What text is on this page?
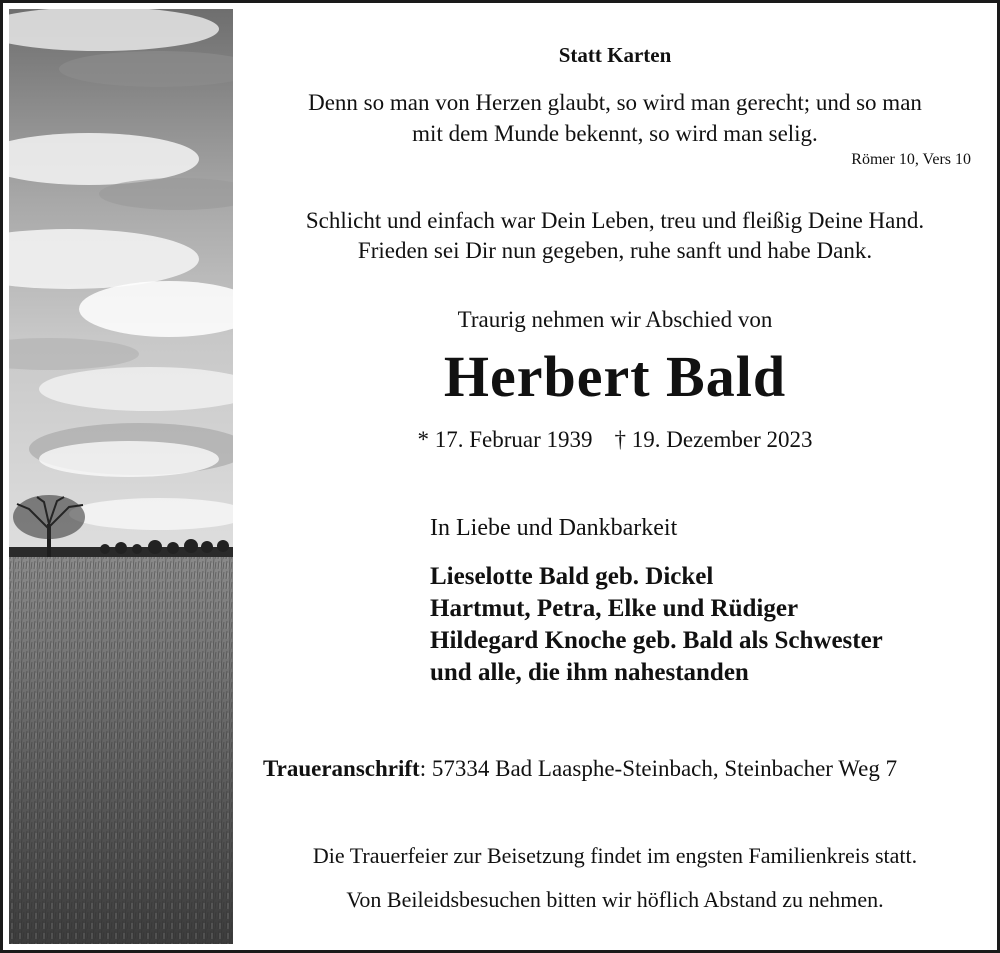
Statt Karten
Denn so man von Herzen glaubt, so wird man gerecht; und so man
mit dem Munde bekennt, so wird man selig.
Römer 10, Vers 10
Schlicht und einfach war Dein Leben, treu und fleißig Deine Hand.
Frieden sei Dir nun gegeben, ruhe sanft und habe Dank.
Traurig nehmen wir Abschied von
Herbert Bald
* 17. Februar 1939 † 19. Dezember 2023
In Liebe und Dankbarkeit
Lieselotte Bald geb. Dickel
Hartmut, Petra, Elke und Rüdiger
Hildegard Knoche geb. Bald als Schwester
und alle, die ihm nahestanden
Traueranschrift: 57334 Bad Laasphe-Steinbach, Steinbacher Weg 7
Die Trauerfeier zur Beisetzung findet im engsten Familienkreis statt.
Von Beileidsbesuchen bitten wir höflich Abstand zu nehmen.
